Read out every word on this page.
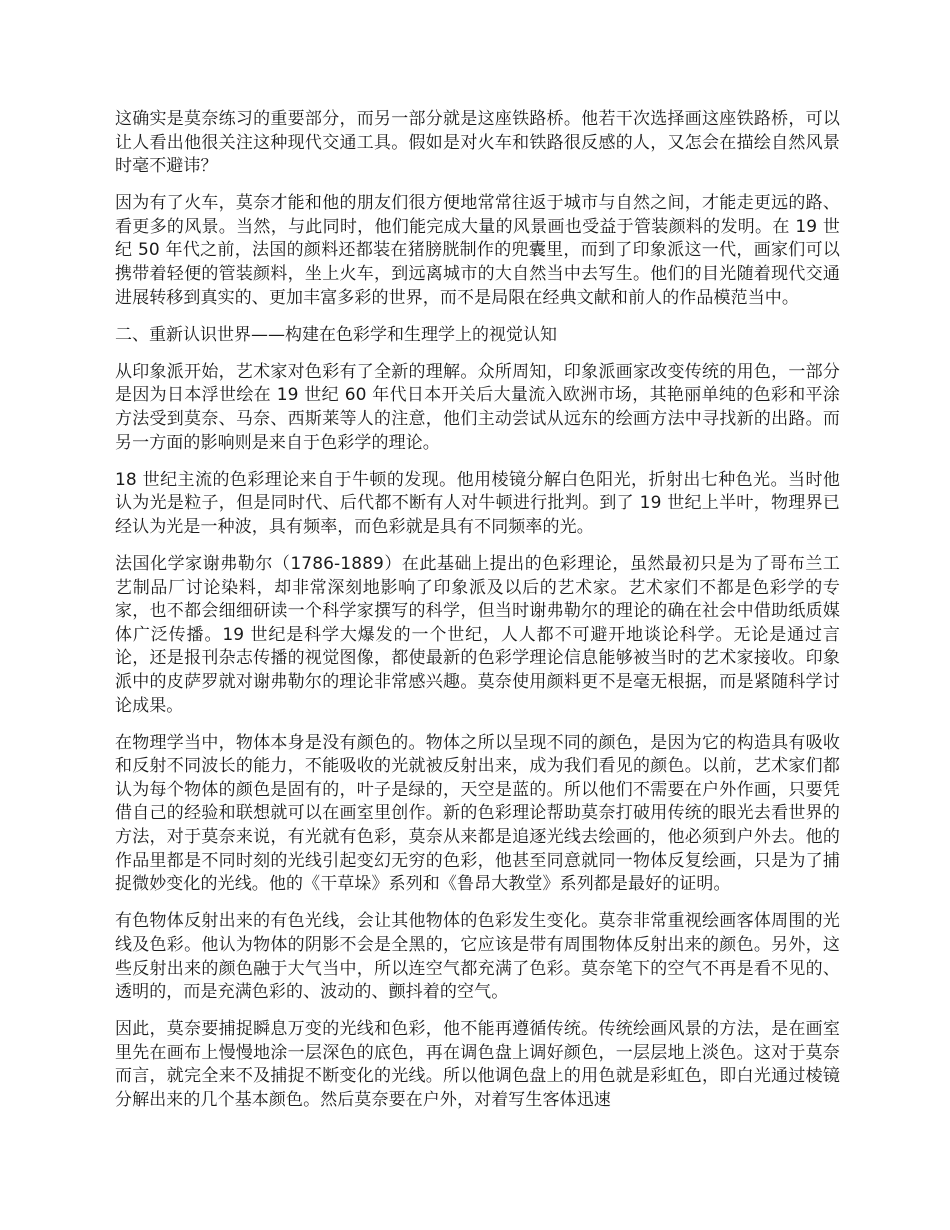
这确实是莫奈练习的重要部分，而另一部分就是这座铁路桥。他若干次选择画这座铁路桥，可以让人看出他很关注这种现代交通工具。假如是对火车和铁路很反感的人，又怎会在描绘自然风景时毫不避讳？

因为有了火车，莫奈才能和他的朋友们很方便地常常往返于城市与自然之间，才能走更远的路、看更多的风景。当然，与此同时，他们能完成大量的风景画也受益于管装颜料的发明。在 19 世纪 50 年代之前，法国的颜料还都装在猪膀胱制作的兜囊里，而到了印象派这一代，画家们可以携带着轻便的管装颜料，坐上火车，到远离城市的大自然当中去写生。他们的目光随着现代交通进展转移到真实的、更加丰富多彩的世界，而不是局限在经典文献和前人的作品模范当中。

二、重新认识世界——构建在色彩学和生理学上的视觉认知

从印象派开始，艺术家对色彩有了全新的理解。众所周知，印象派画家改变传统的用色，一部分是因为日本浮世绘在 19 世纪 60 年代日本开关后大量流入欧洲市场，其艳丽单纯的色彩和平涂方法受到莫奈、马奈、西斯莱等人的注意，他们主动尝试从远东的绘画方法中寻找新的出路。而另一方面的影响则是来自于色彩学的理论。

18 世纪主流的色彩理论来自于牛顿的发现。他用棱镜分解白色阳光，折射出七种色光。当时他认为光是粒子，但是同时代、后代都不断有人对牛顿进行批判。到了 19 世纪上半叶，物理界已经认为光是一种波，具有频率，而色彩就是具有不同频率的光。

法国化学家谢弗勒尔（1786-1889）在此基础上提出的色彩理论，虽然最初只是为了哥布兰工艺制品厂讨论染料，却非常深刻地影响了印象派及以后的艺术家。艺术家们不都是色彩学的专家，也不都会细细研读一个科学家撰写的科学，但当时谢弗勒尔的理论的确在社会中借助纸质媒体广泛传播。19 世纪是科学大爆发的一个世纪，人人都不可避开地谈论科学。无论是通过言论，还是报刊杂志传播的视觉图像，都使最新的色彩学理论信息能够被当时的艺术家接收。印象派中的皮萨罗就对谢弗勒尔的理论非常感兴趣。莫奈使用颜料更不是毫无根据，而是紧随科学讨论成果。

在物理学当中，物体本身是没有颜色的。物体之所以呈现不同的颜色，是因为它的构造具有吸收和反射不同波长的能力，不能吸收的光就被反射出来，成为我们看见的颜色。以前，艺术家们都认为每个物体的颜色是固有的，叶子是绿的，天空是蓝的。所以他们不需要在户外作画，只要凭借自己的经验和联想就可以在画室里创作。新的色彩理论帮助莫奈打破用传统的眼光去看世界的方法，对于莫奈来说，有光就有色彩，莫奈从来都是追逐光线去绘画的，他必须到户外去。他的作品里都是不同时刻的光线引起变幻无穷的色彩，他甚至同意就同一物体反复绘画，只是为了捕捉微妙变化的光线。他的《干草垛》系列和《鲁昂大教堂》系列都是最好的证明。

有色物体反射出来的有色光线，会让其他物体的色彩发生变化。莫奈非常重视绘画客体周围的光线及色彩。他认为物体的阴影不会是全黑的，它应该是带有周围物体反射出来的颜色。另外，这些反射出来的颜色融于大气当中，所以连空气都充满了色彩。莫奈笔下的空气不再是看不见的、透明的，而是充满色彩的、波动的、颤抖着的空气。

因此，莫奈要捕捉瞬息万变的光线和色彩，他不能再遵循传统。传统绘画风景的方法，是在画室里先在画布上慢慢地涂一层深色的底色，再在调色盘上调好颜色，一层层地上淡色。这对于莫奈而言，就完全来不及捕捉不断变化的光线。所以他调色盘上的用色就是彩虹色，即白光通过棱镜分解出来的几个基本颜色。然后莫奈要在户外，对着写生客体迅速
